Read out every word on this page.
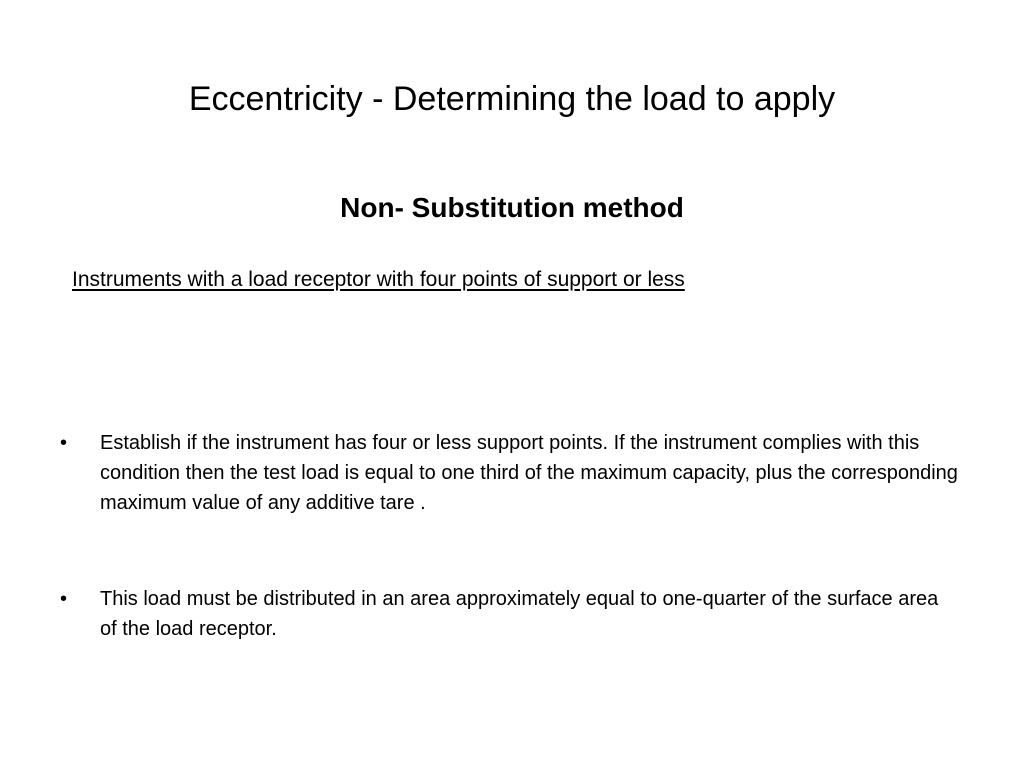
Eccentricity - Determining the load to apply
Non- Substitution method

Instruments with a load receptor with four points of support or less

•	Establish if the instrument has four or less support points. If the instrument complies with this condition then the test load is equal to one third of the maximum capacity, plus the corresponding maximum value of any additive tare .
•	This load must be distributed in an area approximately equal to one-quarter of the surface area of the load receptor.
